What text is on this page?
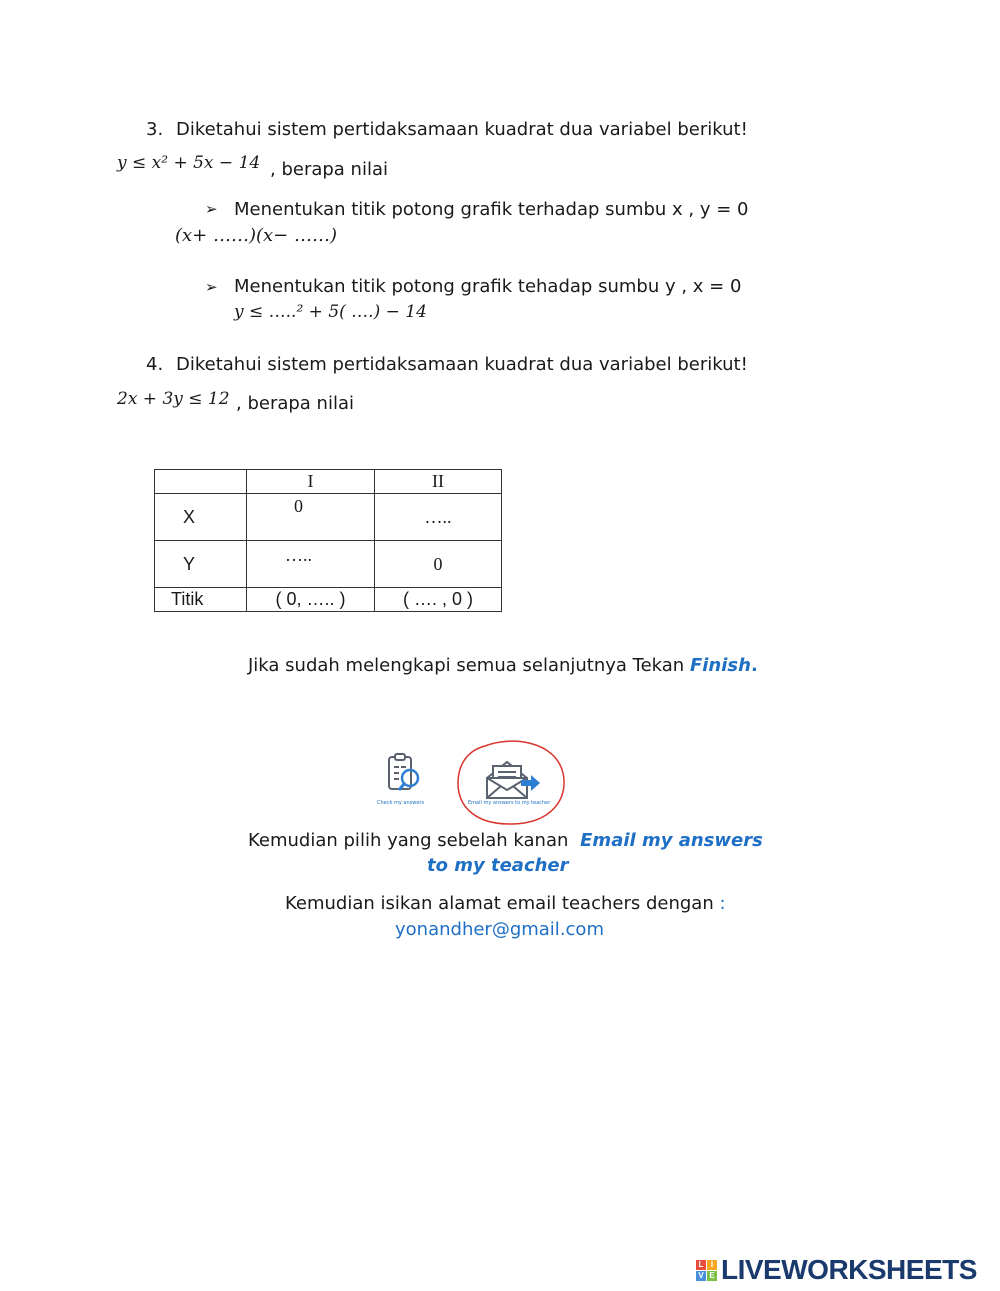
3. Diketahui sistem pertidaksamaan kuadrat dua variabel berikut!
y ≤ x² + 5x − 14 , berapa nilai
➢ Menentukan titik potong grafik terhadap sumbu x , y = 0
(x+ ……)(x− ……)
➢ Menentukan titik potong grafik tehadap sumbu y , x = 0
y ≤ …..² + 5( ….) − 14
4. Diketahui sistem pertidaksamaan kuadrat dua variabel berikut!
2x + 3y ≤ 12 , berapa nilai
	I	II
X	0	…..
Y	…..	0
Titik	( 0, ….. )	( …. , 0 )
Jika sudah melengkapi semua selanjutnya Tekan Finish.
Check my answers	Email my answers to my teacher
Kemudian pilih yang sebelah kanan Email my answers
to my teacher
Kemudian isikan alamat email teachers dengan :
yonandher@gmail.com
L I
V E LIVEWORKSHEETS
